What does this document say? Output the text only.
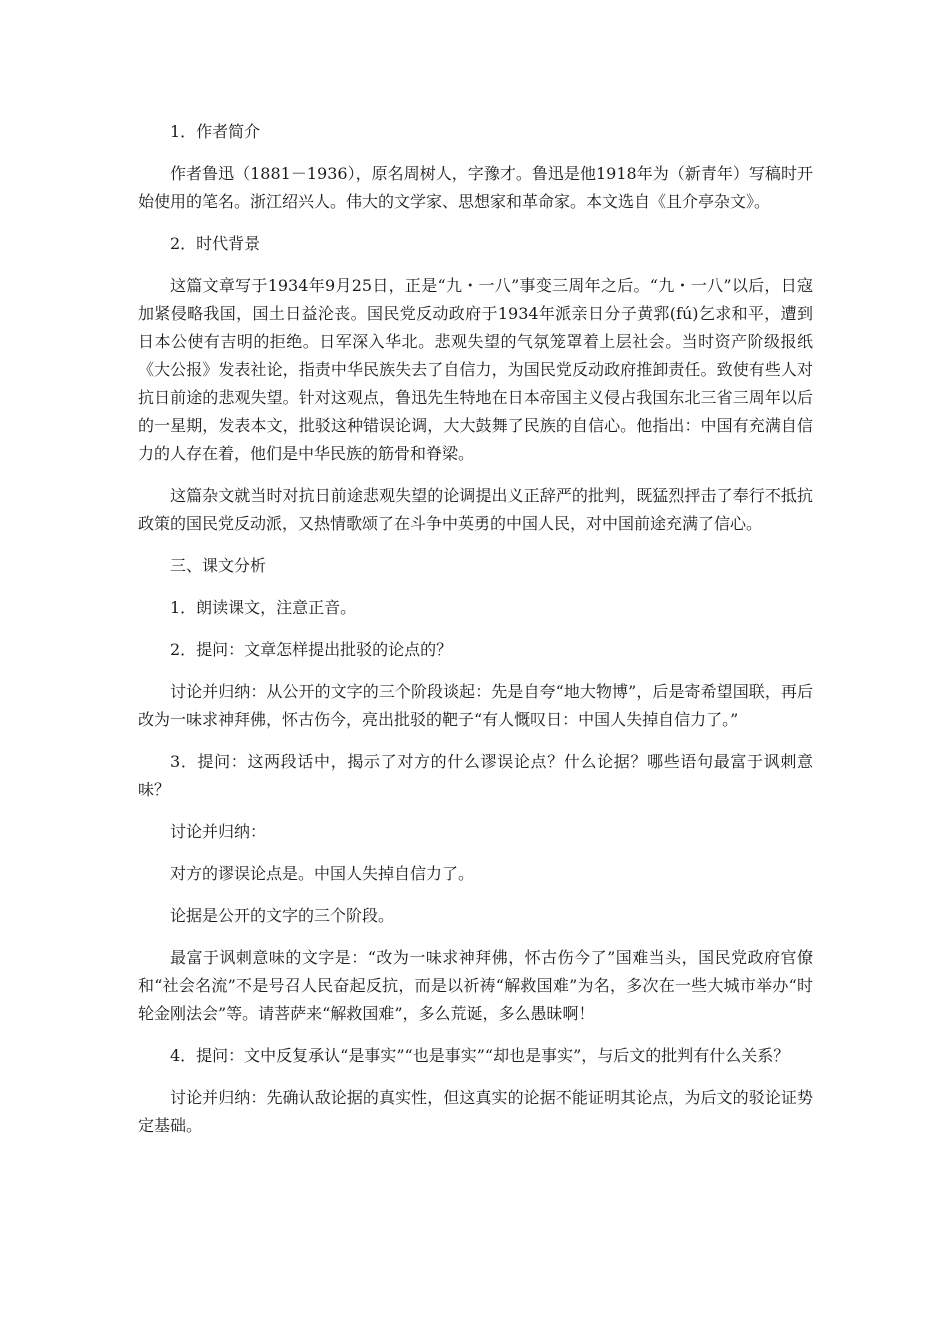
1．作者简介

作者鲁迅（1881－1936），原名周树人，字豫才。鲁迅是他1918年为（新青年）写稿时开始使用的笔名。浙江绍兴人。伟大的文学家、思想家和革命家。本文选自《且介亭杂文》。

2．时代背景

这篇文章写于1934年9月25日，正是“九・一八”事变三周年之后。“九・一八”以后，日寇加紧侵略我国，国土日益沦丧。国民党反动政府于1934年派亲日分子黄郛(fú)乞求和平，遭到日本公使有吉明的拒绝。日军深入华北。悲观失望的气氛笼罩着上层社会。当时资产阶级报纸《大公报》发表社论，指责中华民族失去了自信力，为国民党反动政府推卸责任。致使有些人对抗日前途的悲观失望。针对这观点，鲁迅先生特地在日本帝国主义侵占我国东北三省三周年以后的一星期，发表本文，批驳这种错误论调，大大鼓舞了民族的自信心。他指出：中国有充满自信力的人存在着，他们是中华民族的筋骨和脊梁。

这篇杂文就当时对抗日前途悲观失望的论调提出义正辞严的批判，既猛烈抨击了奉行不抵抗政策的国民党反动派，又热情歌颂了在斗争中英勇的中国人民，对中国前途充满了信心。

三、课文分析

1．朗读课文，注意正音。

2．提问：文章怎样提出批驳的论点的？

讨论并归纳：从公开的文字的三个阶段谈起：先是自夸“地大物博”，后是寄希望国联，再后改为一味求神拜佛，怀古伤今，亮出批驳的靶子“有人慨叹日：中国人失掉自信力了。”

3．提问：这两段话中，揭示了对方的什么谬误论点？什么论据？哪些语句最富于讽刺意味？

讨论并归纳：

对方的谬误论点是。中国人失掉自信力了。

论据是公开的文字的三个阶段。

最富于讽刺意味的文字是：“改为一味求神拜佛，怀古伤今了”国难当头，国民党政府官僚和“社会名流”不是号召人民奋起反抗，而是以祈祷“解救国难”为名，多次在一些大城市举办“时轮金刚法会”等。请菩萨来“解救国难”，多么荒诞，多么愚昧啊！

4．提问：文中反复承认“是事实”“也是事实”“却也是事实”，与后文的批判有什么关系？

讨论并归纳：先确认敌论据的真实性，但这真实的论据不能证明其论点，为后文的驳论证势定基础。
